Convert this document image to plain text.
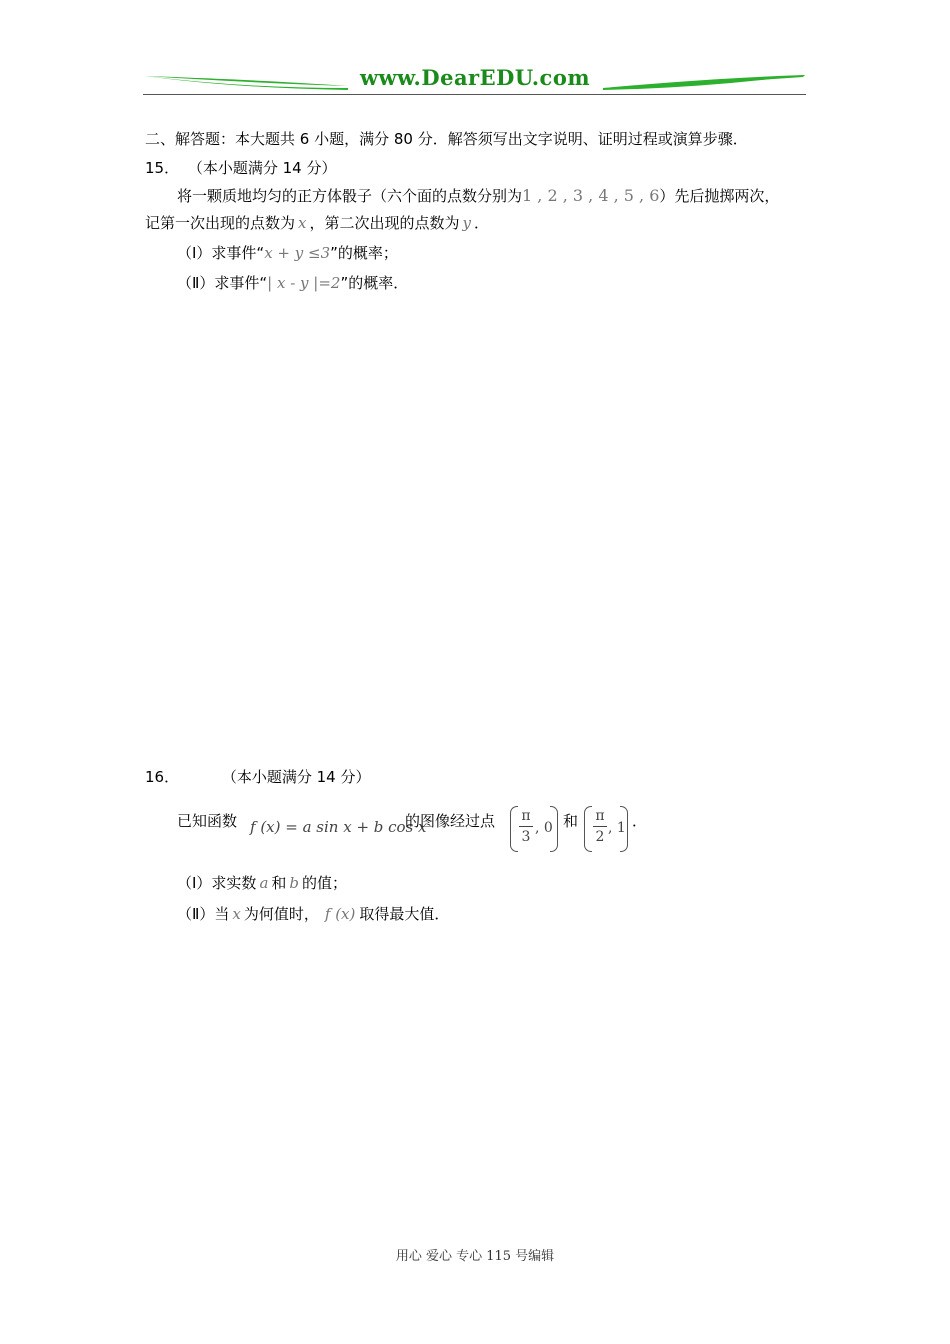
www.DearEDU.com
二、解答题：本大题共 6 小题，满分 80 分．解答须写出文字说明、证明过程或演算步骤．
15． （本小题满分 14 分）
将一颗质地均匀的正方体骰子（六个面的点数分别为1 , 2 , 3 , 4 , 5 , 6）先后抛掷两次，
记第一次出现的点数为 x ，第二次出现的点数为 y ．
（Ⅰ）求事件“x + y ≤3”的概率；
（Ⅱ）求事件“| x - y |=2”的概率．
16．	（本小题满分 14 分）
已知函数 f (x) = a sin x + b cos x
的图像经过点 π
3
, 0 和 π
2
, 1 ．
（Ⅰ）求实数 a 和 b 的值；
（Ⅱ）当 x 为何值时， f (x) 取得最大值．
用心 爱心 专心 115 号编辑
